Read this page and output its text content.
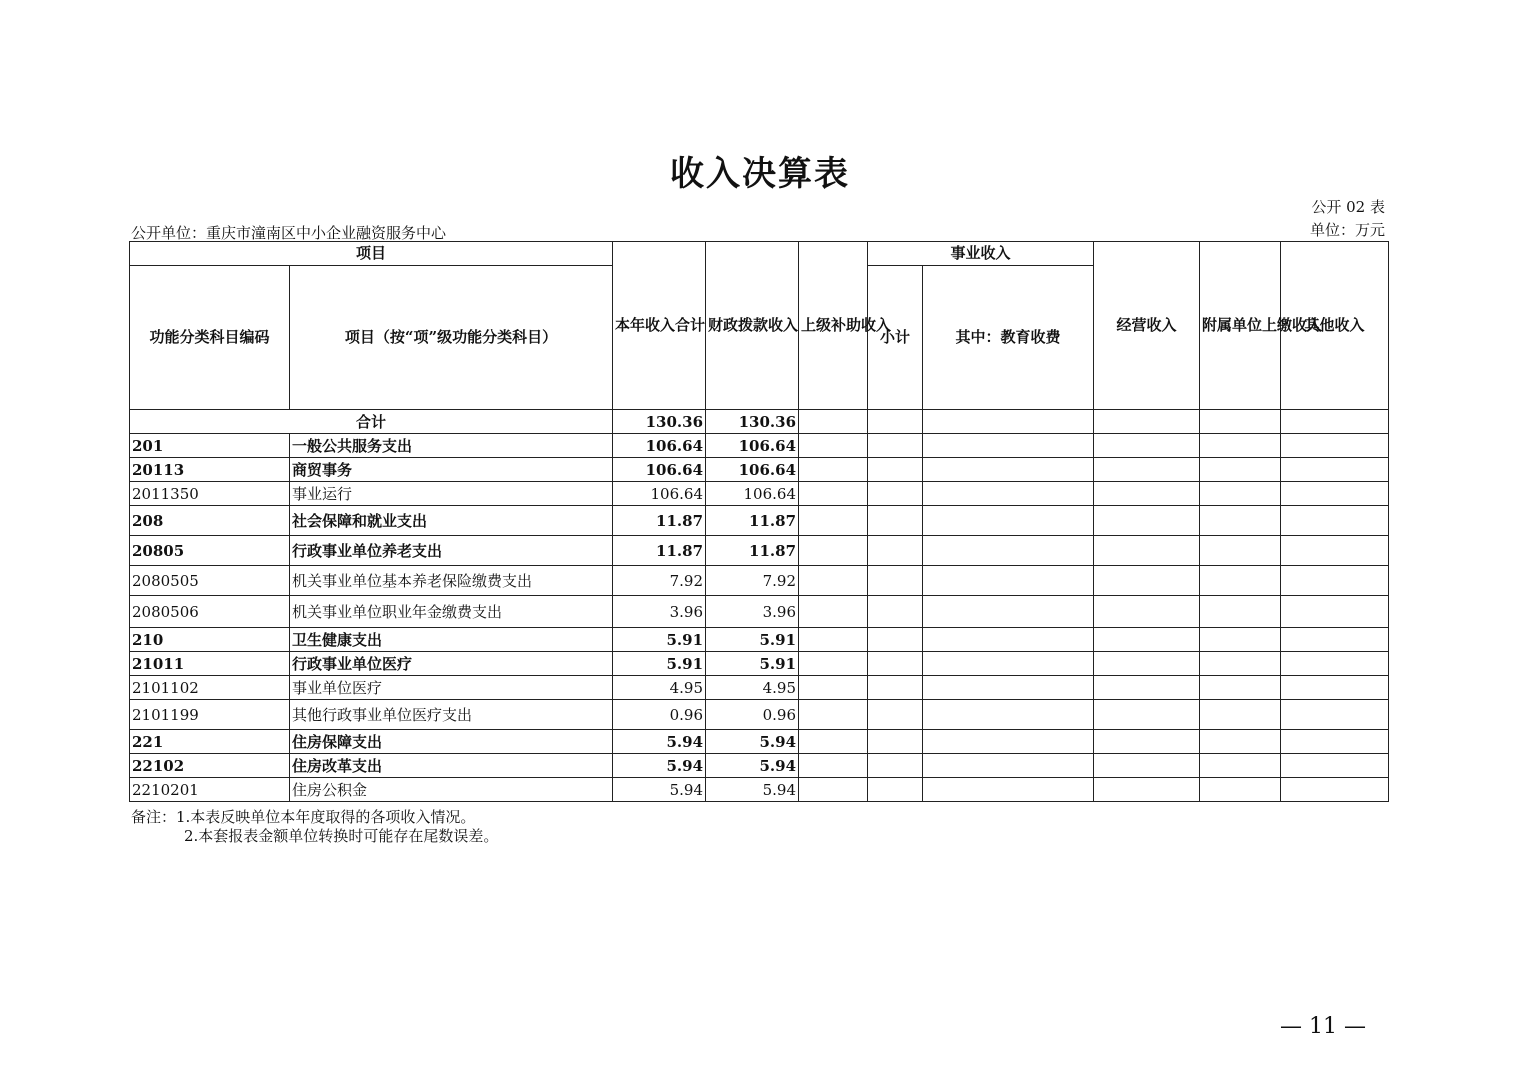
收入决算表
公开 02 表
单位：万元
公开单位：重庆市潼南区中小企业融资服务中心
项目		本年收入合计	财政拨款收入	上级补助收入	事业收入		经营收入	附属单位上缴收入	其他收入
功能分类科目编码	项目（按“项”级功能分类科目）				小计	其中：教育收费			
合计		130.36	130.36						
201	一般公共服务支出	106.64	106.64						
20113	商贸事务	106.64	106.64						
2011350	事业运行	106.64	106.64						
208	社会保障和就业支出	11.87	11.87						
20805	行政事业单位养老支出	11.87	11.87						
2080505	机关事业单位基本养老保险缴费支出	7.92	7.92						
2080506	机关事业单位职业年金缴费支出	3.96	3.96						
210	卫生健康支出	5.91	5.91						
21011	行政事业单位医疗	5.91	5.91						
2101102	事业单位医疗	4.95	4.95						
2101199	其他行政事业单位医疗支出	0.96	0.96						
221	住房保障支出	5.94	5.94						
22102	住房改革支出	5.94	5.94						
2210201	住房公积金	5.94	5.94						
备注：1.本表反映单位本年度取得的各项收入情况。
2.本套报表金额单位转换时可能存在尾数误差。
— 11 —
